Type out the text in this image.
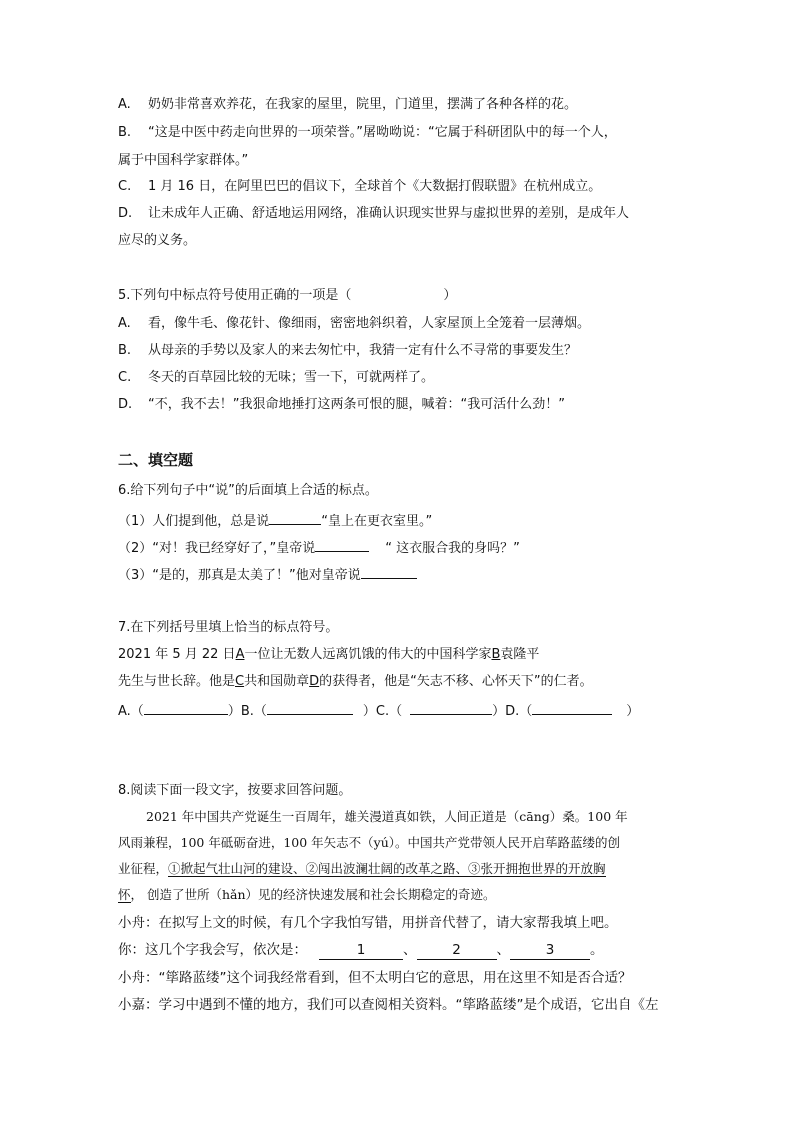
A. 奶奶非常喜欢养花，在我家的屋里，院里，门道里，摆满了各种各样的花。
B. “这是中医中药走向世界的一项荣誉。”屠呦呦说：“它属于科研团队中的每一个人，
属于中国科学家群体。”
C. 1 月 16 日，在阿里巴巴的倡议下，全球首个《大数据打假联盟》在杭州成立。
D. 让未成年人正确、舒适地运用网络，准确认识现实世界与虚拟世界的差别，是成年人
应尽的义务。
5.下列句中标点符号使用正确的一项是（	）
A. 看，像牛毛、像花针、像细雨，密密地斜织着，人家屋顶上全笼着一层薄烟。
B. 从母亲的手势以及家人的来去匆忙中，我猜一定有什么不寻常的事要发生？
C. 冬天的百草园比较的无味；雪一下，可就两样了。
D. “不，我不去！”我狠命地捶打这两条可恨的腿，喊着：“我可活什么劲！”
二、填空题
6.给下列句子中“说”的后面填上合适的标点。
（1）人们提到他，总是说	“皇上在更衣室里。”
（2）“对！我已经穿好了，”皇帝说	“ 这衣服合我的身吗？”
（3）“是的，那真是太美了！”他对皇帝说
7.在下列括号里填上恰当的标点符号。
2021 年 5 月 22 日A一位让无数人远离饥饿的伟大的中国科学家B袁隆平
先生与世长辞。他是C共和国勋章D的获得者，他是“矢志不移、心怀天下”的仁者。
A.（	）B.（	）C.（	）D.（	）
8.阅读下面一段文字，按要求回答问题。
2021 年中国共产党诞生一百周年，雄关漫道真如铁，人间正道是（cāng）桑。100 年
风雨兼程，100 年砥砺奋进，100 年矢志不（yú）。中国共产党带领人民开启荜路蓝缕的创
业征程，①掀起气壮山河的建设、②闯出波澜壮阔的改革之路、③张开拥抱世界的开放胸
怀， 创造了世所（hǎn）见的经济快速发展和社会长期稳定的奇迹。
小舟：在拟写上文的时候，有几个字我怕写错，用拼音代替了，请大家帮我填上吧。
你：这几个字我会写，依次是：	1	、	2	、	3	。
小舟：“筚路蓝缕”这个词我经常看到，但不太明白它的意思，用在这里不知是否合适？
小嘉：学习中遇到不懂的地方，我们可以查阅相关资料。“筚路蓝缕”是个成语，它出自《左
